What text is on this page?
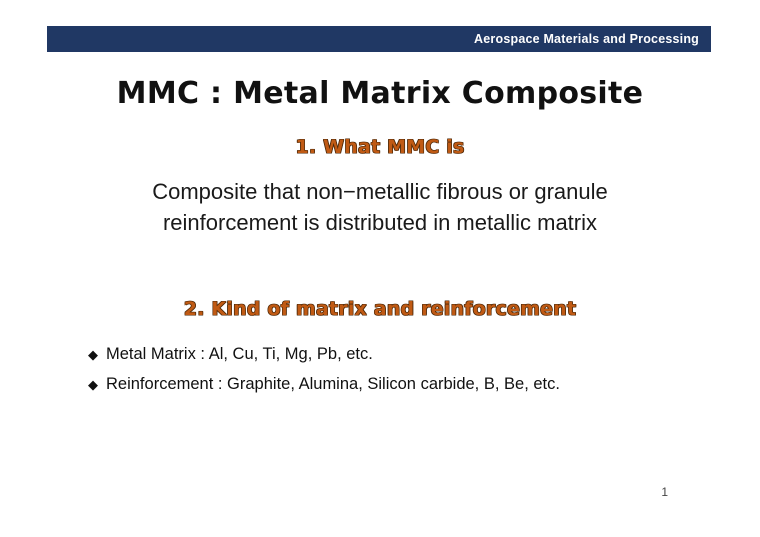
Aerospace Materials and Processing
MMC : Metal Matrix Composite
1. What MMC is
Composite that non−metallic fibrous or granule
reinforcement is distributed in metallic matrix
2. Kind of matrix and reinforcement
◆ Metal Matrix : Al, Cu, Ti, Mg, Pb, etc.
◆ Reinforcement : Graphite, Alumina, Silicon carbide, B, Be, etc.
1
